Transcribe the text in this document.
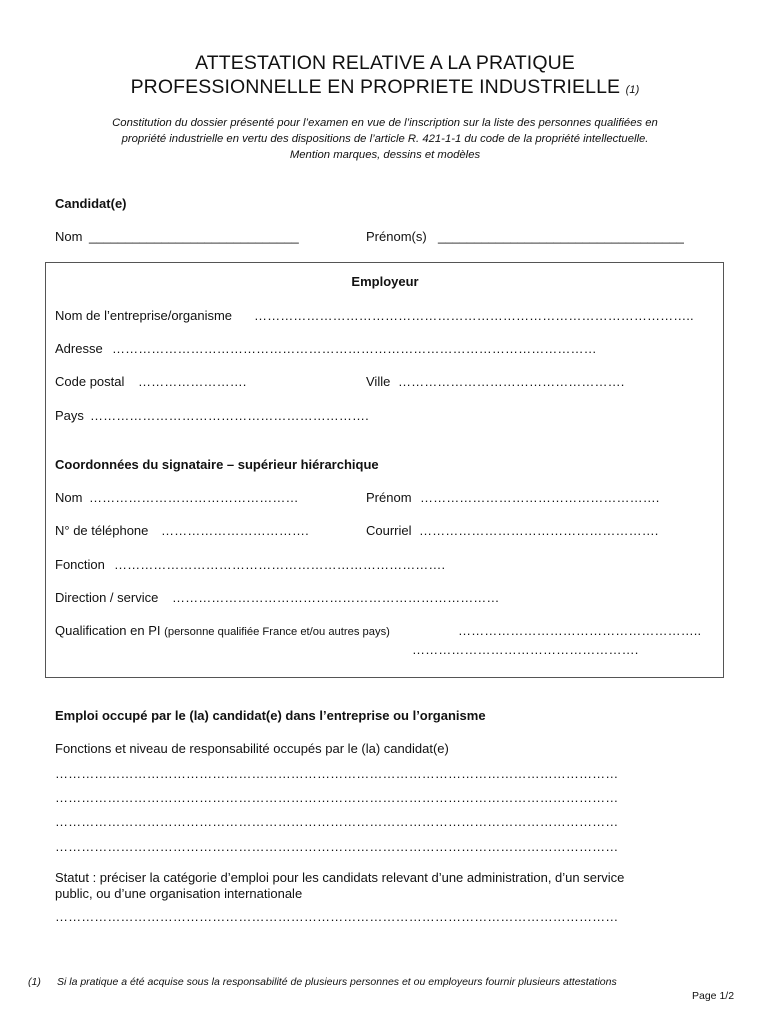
ATTESTATION RELATIVE A LA PRATIQUE
PROFESSIONNELLE EN PROPRIETE INDUSTRIELLE (1)
Constitution du dossier présenté pour l’examen en vue de l’inscription sur la liste des personnes qualifiées en
propriété industrielle en vertu des dispositions de l’article R. 421-1-1 du code de la propriété intellectuelle.
Mention marques, dessins et modèles
Candidat(e)
Nom _____________________________	Prénom(s) __________________________________
Employeur
Nom de l’entreprise/organisme ………………………………………………………………………………………..
Adresse …………………………………………………………………………………………………
Code postal …………………….	Ville …………………………………………….
Pays ……………………………………………………….
Coordonnées du signataire – supérieur hiérarchique
Nom …………………………………………	Prénom ……………………………………………….
N° de téléphone …………………………….	Courriel ……………………………………………….
Fonction ………………………………………………………………….
Direction / service …………………………………………………………………
Qualification en PI (personne qualifiée France et/ou autres pays)	………………………………………………..
…………………………………………….
Emploi occupé par le (la) candidat(e) dans l’entreprise ou l’organisme
Fonctions et niveau de responsabilité occupés par le (la) candidat(e)
…………………………………………………………………………………………………………………
…………………………………………………………………………………………………………………
…………………………………………………………………………………………………………………
…………………………………………………………………………………………………………………
Statut : préciser la catégorie d’emploi pour les candidats relevant d’une administration, d’un service
public, ou d’une organisation internationale
…………………………………………………………………………………………………………………
(1) Si la pratique a été acquise sous la responsabilité de plusieurs personnes et ou employeurs fournir plusieurs attestations
Page 1/2
